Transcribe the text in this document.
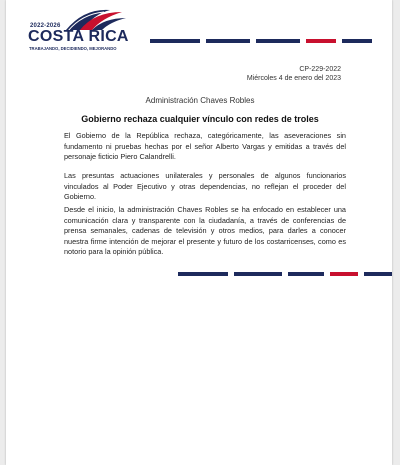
2022-2026
COSTA RICA
TRABAJANDO, DECIDIENDO, MEJORANDO
CP-229-2022
Miércoles 4 de enero del 2023
Administración Chaves Robles
Gobierno rechaza cualquier vínculo con redes de troles

El Gobierno de la República rechaza, categóricamente, las aseveraciones sin fundamento ni pruebas hechas por el señor Alberto Vargas y emitidas a través del personaje ficticio Piero Calandrelli.

Las presuntas actuaciones unilaterales y personales de algunos funcionarios vinculados al Poder Ejecutivo y otras dependencias, no reflejan el proceder del Gobierno.

Desde el inicio, la administración Chaves Robles se ha enfocado en establecer una comunicación clara y transparente con la ciudadanía, a través de conferencias de prensa semanales, cadenas de televisión y otros medios, para darles a conocer nuestra firme intención de mejorar el presente y futuro de los costarricenses, como es notorio para la opinión pública.
